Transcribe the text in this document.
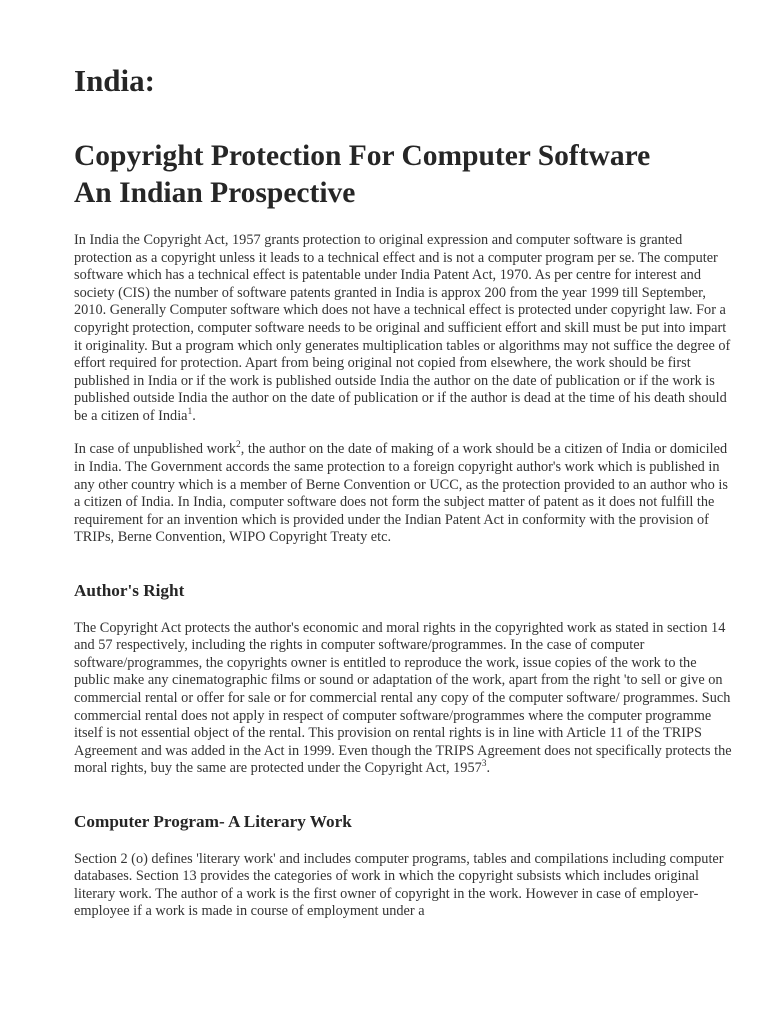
India:
Copyright Protection For Computer Software
An Indian Prospective

In India the Copyright Act, 1957 grants protection to original expression and computer software is granted protection as a copyright unless it leads to a technical effect and is not a computer program per se. The computer software which has a technical effect is patentable under India Patent Act, 1970. As per centre for interest and society (CIS) the number of software patents granted in India is approx 200 from the year 1999 till September, 2010. Generally Computer software which does not have a technical effect is protected under copyright law. For a copyright protection, computer software needs to be original and sufficient effort and skill must be put into impart it originality. But a program which only generates multiplication tables or algorithms may not suffice the degree of effort required for protection. Apart from being original not copied from elsewhere, the work should be first published in India or if the work is published outside India the author on the date of publication or if the work is published outside India the author on the date of publication or if the author is dead at the time of his death should be a citizen of India$^1$.

In case of unpublished work$^2$, the author on the date of making of a work should be a citizen of India or domiciled in India. The Government accords the same protection to a foreign copyright author's work which is published in any other country which is a member of Berne Convention or UCC, as the protection provided to an author who is a citizen of India. In India, computer software does not form the subject matter of patent as it does not fulfill the requirement for an invention which is provided under the Indian Patent Act in conformity with the provision of TRIPs, Berne Convention, WIPO Copyright Treaty etc.

Author's Right

The Copyright Act protects the author's economic and moral rights in the copyrighted work as stated in section 14 and 57 respectively, including the rights in computer software/programmes. In the case of computer software/programmes, the copyrights owner is entitled to reproduce the work, issue copies of the work to the public make any cinematographic films or sound or adaptation of the work, apart from the right 'to sell or give on commercial rental or offer for sale or for commercial rental any copy of the computer software/ programmes. Such commercial rental does not apply in respect of computer software/programmes where the computer programme itself is not essential object of the rental. This provision on rental rights is in line with Article 11 of the TRIPS Agreement and was added in the Act in 1999. Even though the TRIPS Agreement does not specifically protects the moral rights, buy the same are protected under the Copyright Act, 1957$^3$.

Computer Program- A Literary Work

Section 2 (o) defines 'literary work' and includes computer programs, tables and compilations including computer databases. Section 13 provides the categories of work in which the copyright subsists which includes original literary work. The author of a work is the first owner of copyright in the work. However in case of employer-employee if a work is made in course of employment under a
